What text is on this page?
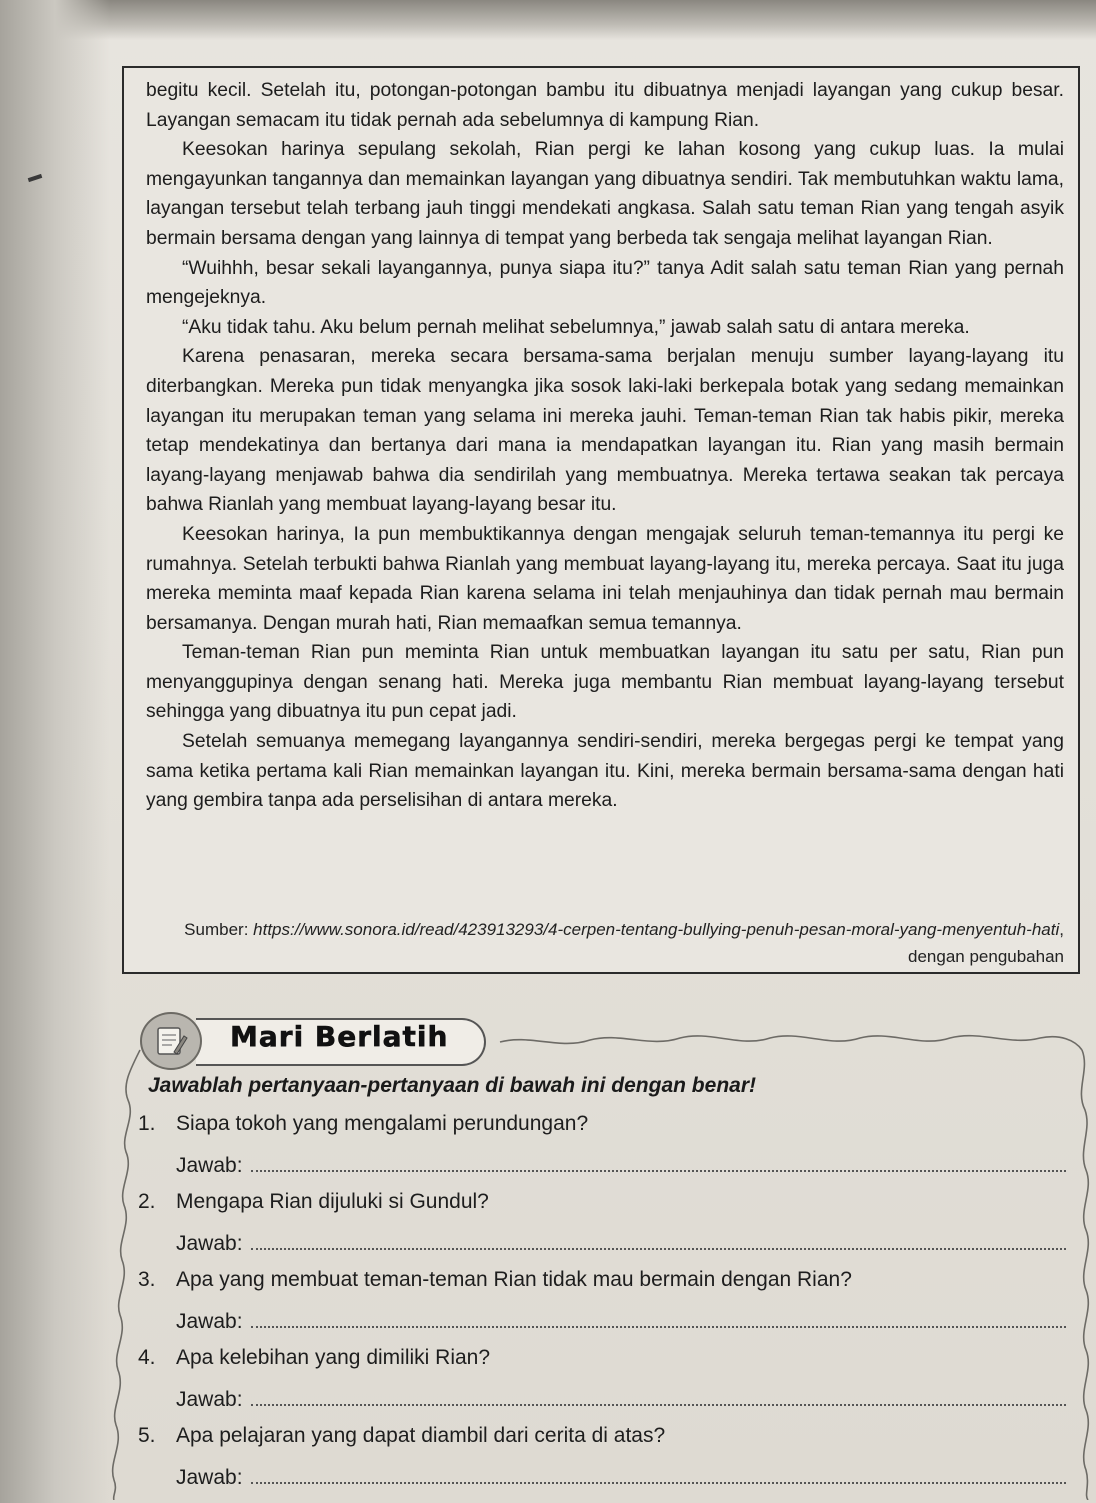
begitu kecil. Setelah itu, potongan-potongan bambu itu dibuatnya menjadi layangan yang cukup besar. Layangan semacam itu tidak pernah ada sebelumnya di kampung Rian.

Keesokan harinya sepulang sekolah, Rian pergi ke lahan kosong yang cukup luas. Ia mulai mengayunkan tangannya dan memainkan layangan yang dibuatnya sendiri. Tak membutuhkan waktu lama, layangan tersebut telah terbang jauh tinggi mendekati angkasa. Salah satu teman Rian yang tengah asyik bermain bersama dengan yang lainnya di tempat yang berbeda tak sengaja melihat layangan Rian.

“Wuihhh, besar sekali layangannya, punya siapa itu?” tanya Adit salah satu teman Rian yang pernah mengejeknya.

“Aku tidak tahu. Aku belum pernah melihat sebelumnya,” jawab salah satu di antara mereka.

Karena penasaran, mereka secara bersama-sama berjalan menuju sumber layang-layang itu diterbangkan. Mereka pun tidak menyangka jika sosok laki-laki berkepala botak yang sedang memainkan layangan itu merupakan teman yang selama ini mereka jauhi. Teman-teman Rian tak habis pikir, mereka tetap mendekatinya dan bertanya dari mana ia mendapatkan layangan itu. Rian yang masih bermain layang-layang menjawab bahwa dia sendirilah yang membuatnya. Mereka tertawa seakan tak percaya bahwa Rianlah yang membuat layang-layang besar itu.

Keesokan harinya, Ia pun membuktikannya dengan mengajak seluruh teman-temannya itu pergi ke rumahnya. Setelah terbukti bahwa Rianlah yang membuat layang-layang itu, mereka percaya. Saat itu juga mereka meminta maaf kepada Rian karena selama ini telah menjauhinya dan tidak pernah mau bermain bersamanya. Dengan murah hati, Rian memaafkan semua temannya.

Teman-teman Rian pun meminta Rian untuk membuatkan layangan itu satu per satu, Rian pun menyanggupinya dengan senang hati. Mereka juga membantu Rian membuat layang-layang tersebut sehingga yang dibuatnya itu pun cepat jadi.

Setelah semuanya memegang layangannya sendiri-sendiri, mereka bergegas pergi ke tempat yang sama ketika pertama kali Rian memainkan layangan itu. Kini, mereka bermain bersama-sama dengan hati yang gembira tanpa ada perselisihan di antara mereka.

Sumber: https://www.sonora.id/read/423913293/4-cerpen-tentang-bullying-penuh-pesan-moral-yang-menyentuh-hati, dengan pengubahan
Mari Berlatih
Jawablah pertanyaan-pertanyaan di bawah ini dengan benar!
1. Siapa tokoh yang mengalami perundungan?
Jawab:
2. Mengapa Rian dijuluki si Gundul?
Jawab:
3. Apa yang membuat teman-teman Rian tidak mau bermain dengan Rian?
Jawab:
4. Apa kelebihan yang dimiliki Rian?
Jawab:
5. Apa pelajaran yang dapat diambil dari cerita di atas?
Jawab:
